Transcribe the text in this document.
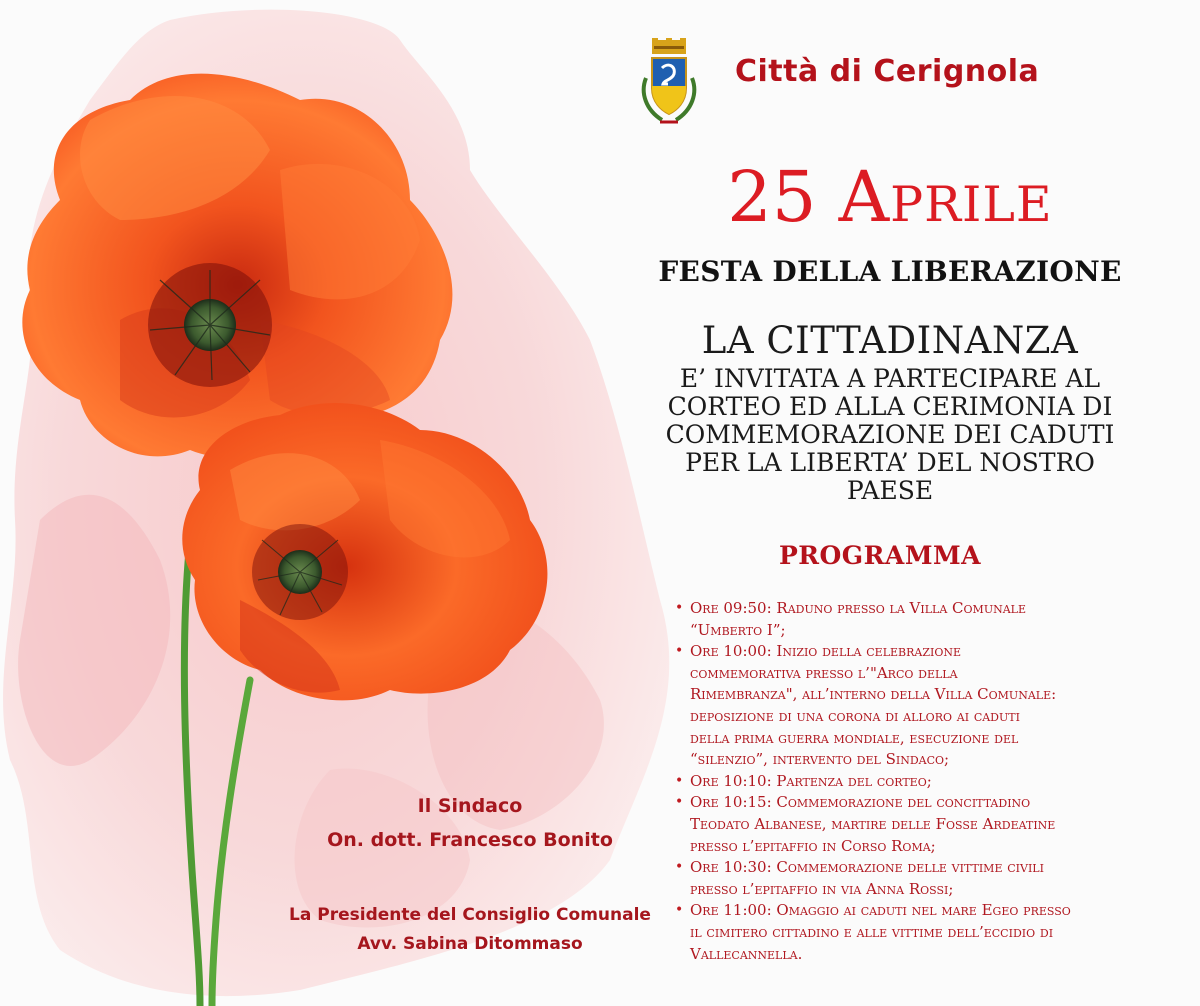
Città di Cerignola
25 Aprile
FESTA DELLA LIBERAZIONE
LA CITTADINANZA
E’ INVITATA A PARTECIPARE AL
CORTEO ED ALLA CERIMONIA DI
COMMEMORAZIONE DEI CADUTI
PER LA LIBERTA’ DEL NOSTRO
PAESE
PROGRAMMA
• Ore 09:50: Raduno presso la Villa Comunale
“Umberto I”;
• Ore 10:00: Inizio della celebrazione
commemorativa presso l’"Arco della
Rimembranza", all’interno della Villa Comunale:
deposizione di una corona di alloro ai caduti
della prima guerra mondiale, esecuzione del
“silenzio”, intervento del Sindaco;
• Ore 10:10: Partenza del corteo;
• Ore 10:15: Commemorazione del concittadino
Teodato Albanese, martire delle Fosse Ardeatine
presso l’epitaffio in Corso Roma;
• Ore 10:30: Commemorazione delle vittime civili
presso l’epitaffio in via Anna Rossi;
• Ore 11:00: Omaggio ai caduti nel mare Egeo presso
il cimitero cittadino e alle vittime dell’eccidio di
Vallecannella.
Il Sindaco
On. dott. Francesco Bonito
La Presidente del Consiglio Comunale
Avv. Sabina Ditommaso
